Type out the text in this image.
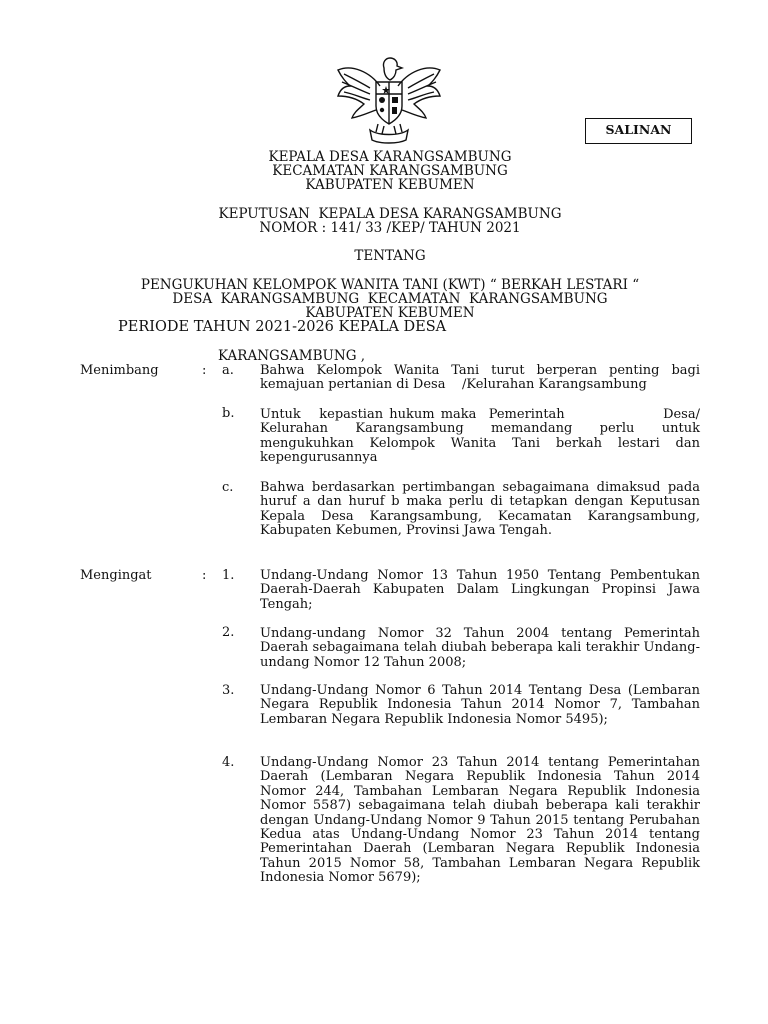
SALINAN
KEPALA DESA KARANGSAMBUNG
KECAMATAN KARANGSAMBUNG
KABUPATEN KEBUMEN
KEPUTUSAN  KEPALA DESA KARANGSAMBUNG
NOMOR : 141/ 33 /KEP/ TAHUN 2021
TENTANG
PENGUKUHAN KELOMPOK WANITA TANI (KWT) “ BERKAH LESTARI “
DESA  KARANGSAMBUNG  KECAMATAN  KARANGSAMBUNG
KABUPATEN KEBUMEN
PERIODE TAHUN 2021-2026 KEPALA DESA
KARANGSAMBUNG ,
Menimbang	: a. Bahwa Kelompok Wanita Tani turut berperan penting bagi kemajuan pertanian di Desa    /Kelurahan Karangsambung
b. Untuk   kepastian hukum maka  Pemerintah                Desa/ Kelurahan  Karangsambung  memandang  perlu  untuk mengukuhkan Kelompok Wanita Tani berkah lestari dan kepengurusannya
c. Bahwa berdasarkan pertimbangan sebagaimana dimaksud pada huruf a dan huruf b maka perlu di tetapkan dengan Keputusan Kepala Desa Karangsambung, Kecamatan Karangsambung, Kabupaten Kebumen, Provinsi Jawa Tengah.
Mengingat	: 1. Undang-Undang Nomor 13 Tahun 1950 Tentang Pembentukan Daerah-Daerah Kabupaten Dalam Lingkungan Propinsi Jawa Tengah;
2. Undang-undang Nomor 32 Tahun 2004 tentang Pemerintah Daerah sebagaimana telah diubah beberapa kali terakhir Undang-undang Nomor 12 Tahun 2008;
3. Undang-Undang Nomor 6 Tahun 2014 Tentang Desa (Lembaran Negara Republik Indonesia Tahun 2014 Nomor 7, Tambahan Lembaran Negara Republik Indonesia Nomor 5495);
4. Undang-Undang Nomor 23 Tahun 2014 tentang Pemerintahan Daerah (Lembaran Negara Republik Indonesia Tahun 2014 Nomor 244, Tambahan Lembaran Negara Republik Indonesia Nomor 5587) sebagaimana telah diubah beberapa kali terakhir dengan Undang-Undang Nomor 9 Tahun 2015 tentang Perubahan Kedua atas Undang-Undang Nomor 23 Tahun 2014 tentang Pemerintahan Daerah (Lembaran Negara Republik Indonesia Tahun 2015 Nomor 58, Tambahan Lembaran Negara Republik Indonesia Nomor 5679);
